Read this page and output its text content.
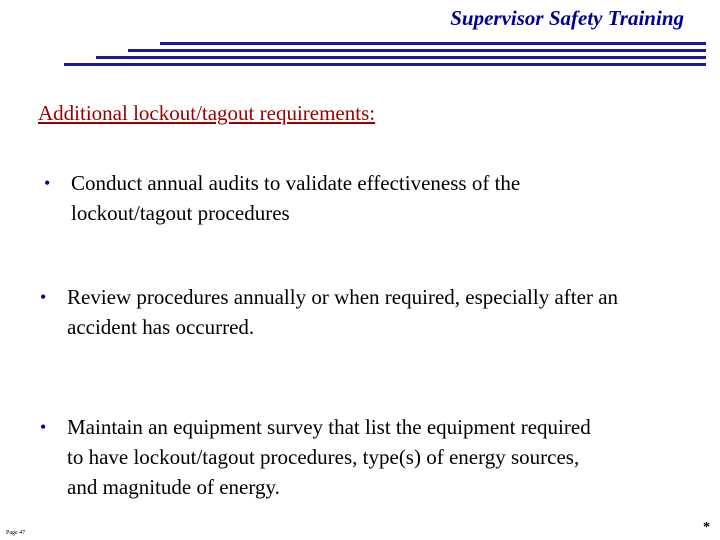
Supervisor Safety Training
Additional lockout/tagout requirements:
• Conduct annual audits to validate effectiveness of the lockout/tagout procedures
• Review procedures annually or when required, especially after an accident has occurred.
• Maintain an equipment survey that list the equipment required to have lockout/tagout procedures, type(s) of energy sources, and magnitude of energy.
Page 47	*
